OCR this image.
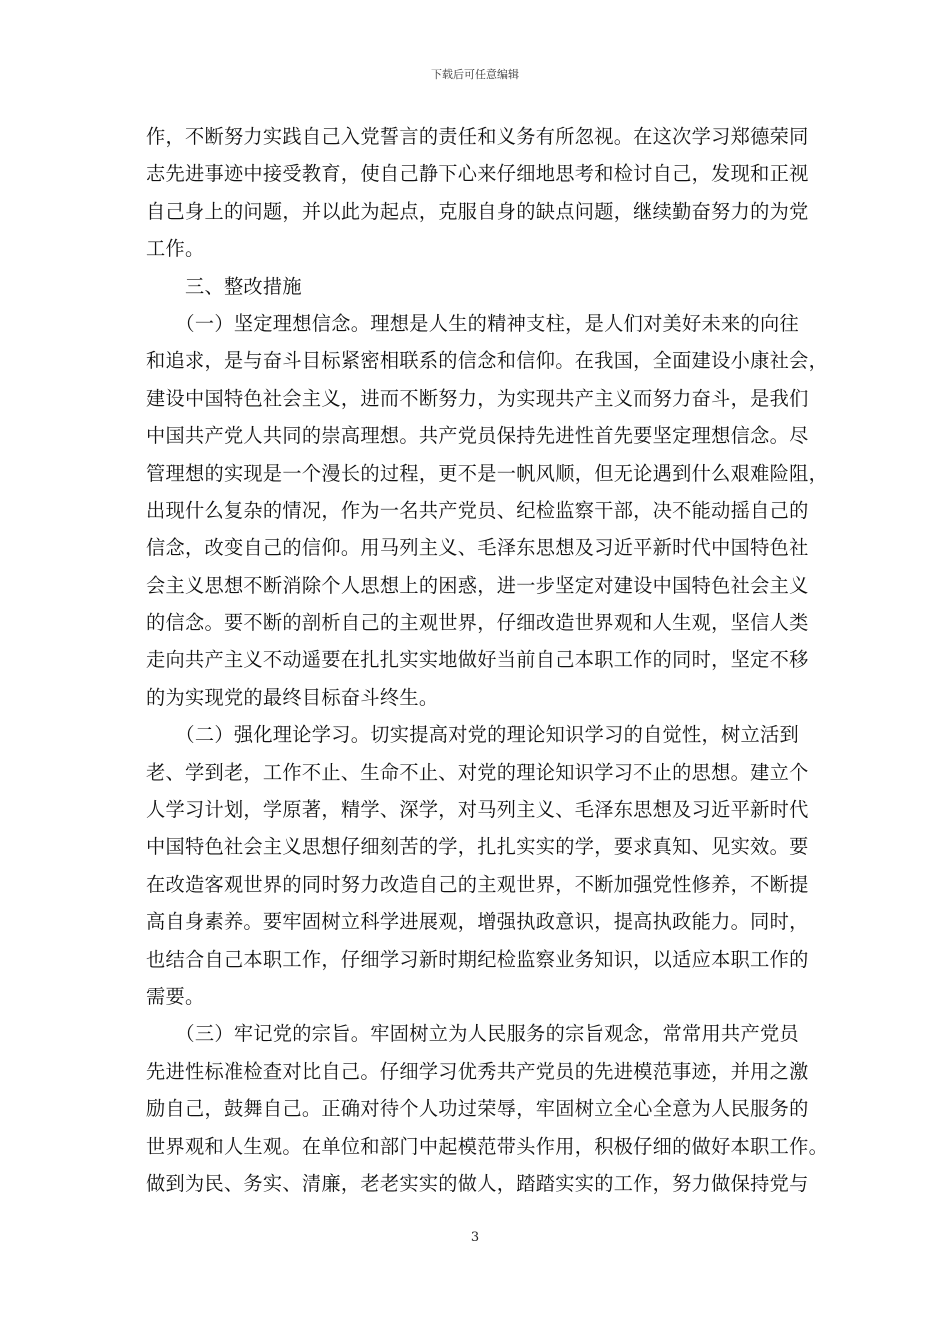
下载后可任意编辑
作，不断努力实践自己入党誓言的责任和义务有所忽视。在这次学习郑德荣同
志先进事迹中接受教育，使自己静下心来仔细地思考和检讨自己，发现和正视
自己身上的问题，并以此为起点，克服自身的缺点问题，继续勤奋努力的为党
工作。
　　三、整改措施
　　（一）坚定理想信念。理想是人生的精神支柱，是人们对美好未来的向往
和追求，是与奋斗目标紧密相联系的信念和信仰。在我国，全面建设小康社会，
建设中国特色社会主义，进而不断努力，为实现共产主义而努力奋斗，是我们
中国共产党人共同的崇高理想。共产党员保持先进性首先要坚定理想信念。尽
管理想的实现是一个漫长的过程，更不是一帆风顺，但无论遇到什么艰难险阻，
出现什么复杂的情况，作为一名共产党员、纪检监察干部，决不能动摇自己的
信念，改变自己的信仰。用马列主义、毛泽东思想及习近平新时代中国特色社
会主义思想不断消除个人思想上的困惑，进一步坚定对建设中国特色社会主义
的信念。要不断的剖析自己的主观世界，仔细改造世界观和人生观，坚信人类
走向共产主义不动遥要在扎扎实实地做好当前自己本职工作的同时，坚定不移
的为实现党的最终目标奋斗终生。
　　（二）强化理论学习。切实提高对党的理论知识学习的自觉性，树立活到
老、学到老，工作不止、生命不止、对党的理论知识学习不止的思想。建立个
人学习计划，学原著，精学、深学，对马列主义、毛泽东思想及习近平新时代
中国特色社会主义思想仔细刻苦的学，扎扎实实的学，要求真知、见实效。要
在改造客观世界的同时努力改造自己的主观世界，不断加强党性修养，不断提
高自身素养。要牢固树立科学进展观，增强执政意识，提高执政能力。同时，
也结合自己本职工作，仔细学习新时期纪检监察业务知识，以适应本职工作的
需要。
　　（三）牢记党的宗旨。牢固树立为人民服务的宗旨观念，常常用共产党员
先进性标准检查对比自己。仔细学习优秀共产党员的先进模范事迹，并用之激
励自己，鼓舞自己。正确对待个人功过荣辱，牢固树立全心全意为人民服务的
世界观和人生观。在单位和部门中起模范带头作用，积极仔细的做好本职工作。
做到为民、务实、清廉，老老实实的做人，踏踏实实的工作，努力做保持党与
3
